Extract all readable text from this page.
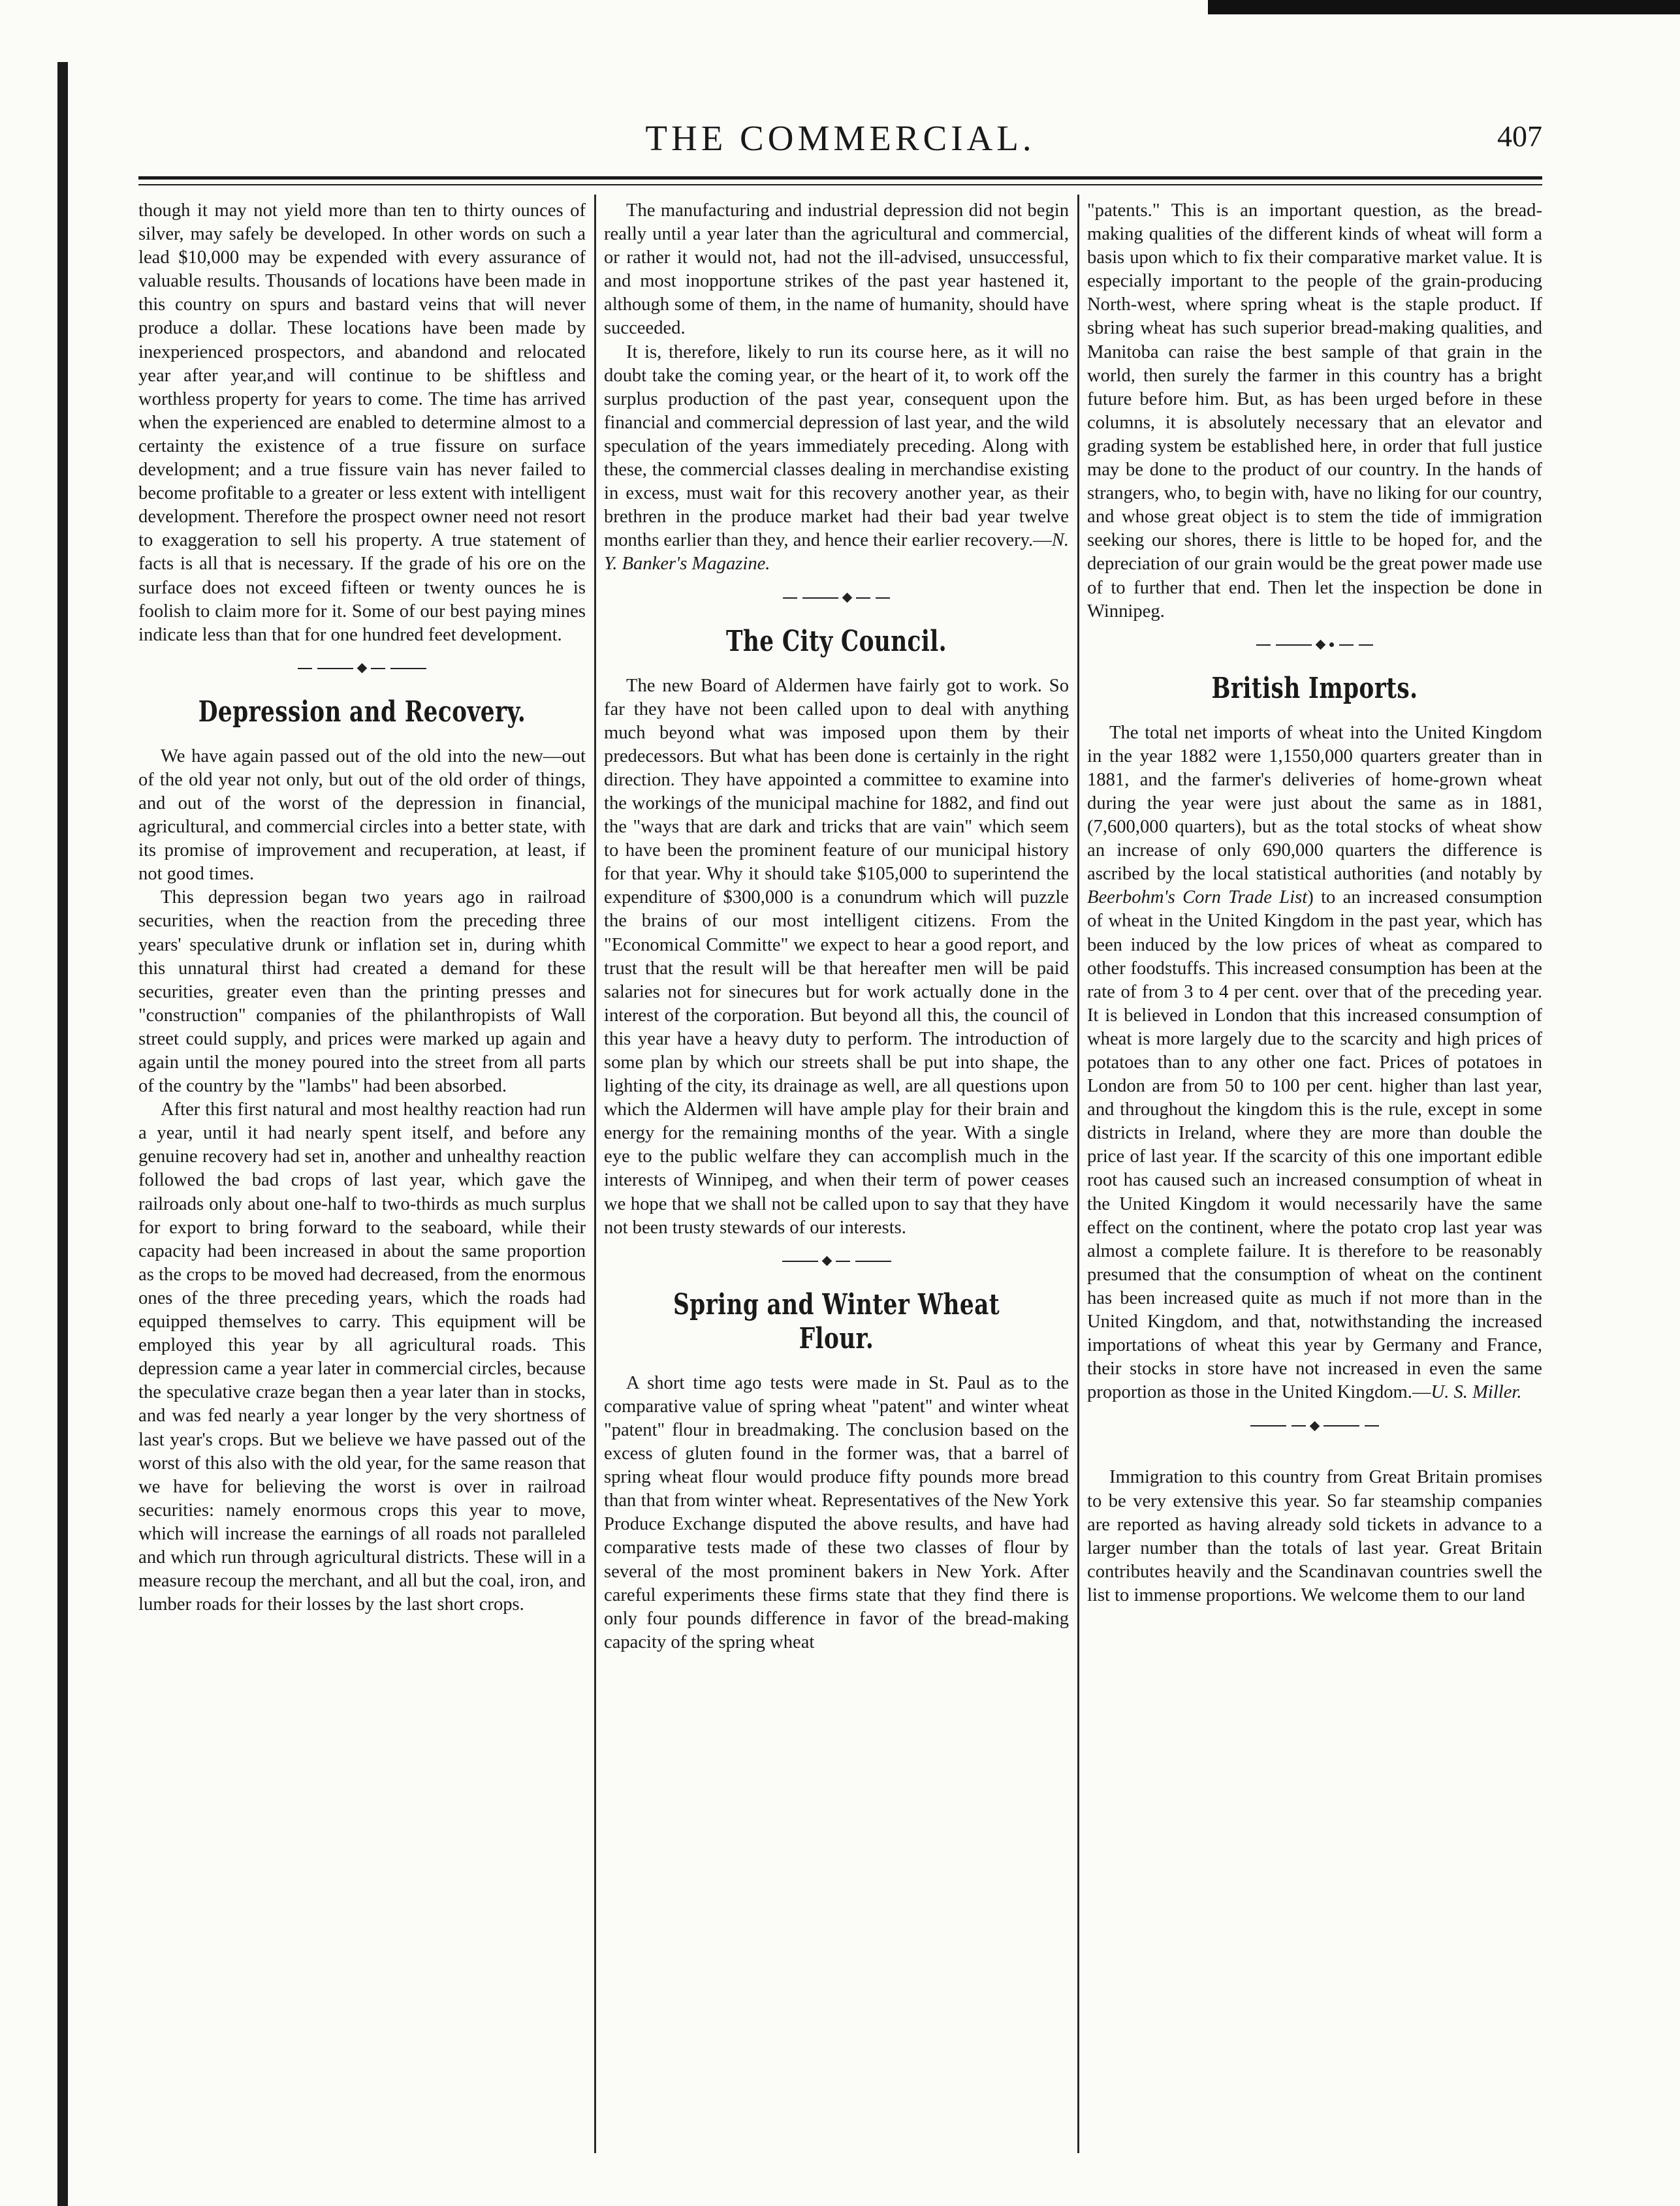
THE COMMERCIAL.	407

though it may not yield more than ten to thirty ounces of silver, may safely be developed. In other words on such a lead $10,000 may be expended with every assurance of valuable results. Thousands of locations have been made in this country on spurs and bastard veins that will never produce a dollar. These locations have been made by inexperienced prospectors, and abandond and relocated year after year,and will continue to be shiftless and worthless property for years to come. The time has arrived when the experienced are enabled to determine almost to a certainty the existence of a true fissure on surface development; and a true fissure vain has never failed to become profitable to a greater or less extent with intelligent development. Therefore the prospect owner need not resort to exaggeration to sell his property. A true statement of facts is all that is necessary. If the grade of his ore on the surface does not exceed fifteen or twenty ounces he is foolish to claim more for it. Some of our best paying mines indicate less than that for one hundred feet development.

Depression and Recovery.

We have again passed out of the old into the new—out of the old year not only, but out of the old order of things, and out of the worst of the depression in financial, agricultural, and commercial circles into a better state, with its promise of improvement and recuperation, at least, if not good times.

This depression began two years ago in railroad securities, when the reaction from the preceding three years' speculative drunk or inflation set in, during whith this unnatural thirst had created a demand for these securities, greater even than the printing presses and "construction" companies of the philanthropists of Wall street could supply, and prices were marked up again and again until the money poured into the street from all parts of the country by the "lambs" had been absorbed.

After this first natural and most healthy reaction had run a year, until it had nearly spent itself, and before any genuine recovery had set in, another and unhealthy reaction followed the bad crops of last year, which gave the railroads only about one-half to two-thirds as much surplus for export to bring forward to the seaboard, while their capacity had been increased in about the same proportion as the crops to be moved had decreased, from the enormous ones of the three preceding years, which the roads had equipped themselves to carry. This equipment will be employed this year by all agricultural roads. This depression came a year later in commercial circles, because the speculative craze began then a year later than in stocks, and was fed nearly a year longer by the very shortness of last year's crops. But we believe we have passed out of the worst of this also with the old year, for the same reason that we have for believing the worst is over in railroad securities: namely enormous crops this year to move, which will increase the earnings of all roads not paralleled and which run through agricultural districts. These will in a measure recoup the merchant, and all but the coal, iron, and lumber roads for their losses by the last short crops.

The manufacturing and industrial depression did not begin really until a year later than the agricultural and commercial, or rather it would not, had not the ill-advised, unsuccessful, and most inopportune strikes of the past year hastened it, although some of them, in the name of humanity, should have succeeded.

It is, therefore, likely to run its course here, as it will no doubt take the coming year, or the heart of it, to work off the surplus production of the past year, consequent upon the financial and commercial depression of last year, and the wild speculation of the years immediately preceding. Along with these, the commercial classes dealing in merchandise existing in excess, must wait for this recovery another year, as their brethren in the produce market had their bad year twelve months earlier than they, and hence their earlier recovery.—N. Y. Banker's Magazine.

The City Council.

The new Board of Aldermen have fairly got to work. So far they have not been called upon to deal with anything much beyond what was imposed upon them by their predecessors. But what has been done is certainly in the right direction. They have appointed a committee to examine into the workings of the municipal machine for 1882, and find out the "ways that are dark and tricks that are vain" which seem to have been the prominent feature of our municipal history for that year. Why it should take $105,000 to superintend the expenditure of $300,000 is a conundrum which will puzzle the brains of our most intelligent citizens. From the "Economical Committe" we expect to hear a good report, and trust that the result will be that hereafter men will be paid salaries not for sinecures but for work actually done in the interest of the corporation. But beyond all this, the council of this year have a heavy duty to perform. The introduction of some plan by which our streets shall be put into shape, the lighting of the city, its drainage as well, are all questions upon which the Aldermen will have ample play for their brain and energy for the remaining months of the year. With a single eye to the public welfare they can accomplish much in the interests of Winnipeg, and when their term of power ceases we hope that we shall not be called upon to say that they have not been trusty stewards of our interests.

Spring and Winter Wheat Flour.

A short time ago tests were made in St. Paul as to the comparative value of spring wheat "patent" and winter wheat "patent" flour in breadmaking. The conclusion based on the excess of gluten found in the former was, that a barrel of spring wheat flour would produce fifty pounds more bread than that from winter wheat. Representatives of the New York Produce Exchange disputed the above results, and have had comparative tests made of these two classes of flour by several of the most prominent bakers in New York. After careful experiments these firms state that they find there is only four pounds difference in favor of the bread-making capacity of the spring wheat

"patents." This is an important question, as the bread-making qualities of the different kinds of wheat will form a basis upon which to fix their comparative market value. It is especially important to the people of the grain-producing North-west, where spring wheat is the staple product. If sbring wheat has such superior bread-making qualities, and Manitoba can raise the best sample of that grain in the world, then surely the farmer in this country has a bright future before him. But, as has been urged before in these columns, it is absolutely necessary that an elevator and grading system be established here, in order that full justice may be done to the product of our country. In the hands of strangers, who, to begin with, have no liking for our country, and whose great object is to stem the tide of immigration seeking our shores, there is little to be hoped for, and the depreciation of our grain would be the great power made use of to further that end. Then let the inspection be done in Winnipeg.

British Imports.

The total net imports of wheat into the United Kingdom in the year 1882 were 1,1550,000 quarters greater than in 1881, and the farmer's deliveries of home-grown wheat during the year were just about the same as in 1881, (7,600,000 quarters), but as the total stocks of wheat show an increase of only 690,000 quarters the difference is ascribed by the local statistical authorities (and notably by Beerbohm's Corn Trade List) to an increased consumption of wheat in the United Kingdom in the past year, which has been induced by the low prices of wheat as compared to other foodstuffs. This increased consumption has been at the rate of from 3 to 4 per cent. over that of the preceding year. It is believed in London that this increased consumption of wheat is more largely due to the scarcity and high prices of potatoes than to any other one fact. Prices of potatoes in London are from 50 to 100 per cent. higher than last year, and throughout the kingdom this is the rule, except in some districts in Ireland, where they are more than double the price of last year. If the scarcity of this one important edible root has caused such an increased consumption of wheat in the United Kingdom it would necessarily have the same effect on the continent, where the potato crop last year was almost a complete failure. It is therefore to be reasonably presumed that the consumption of wheat on the continent has been increased quite as much if not more than in the United Kingdom, and that, notwithstanding the increased importations of wheat this year by Germany and France, their stocks in store have not increased in even the same proportion as those in the United Kingdom.—U. S. Miller.

Immigration to this country from Great Britain promises to be very extensive this year. So far steamship companies are reported as having already sold tickets in advance to a larger number than the totals of last year. Great Britain contributes heavily and the Scandinavan countries swell the list to immense proportions. We welcome them to our land
